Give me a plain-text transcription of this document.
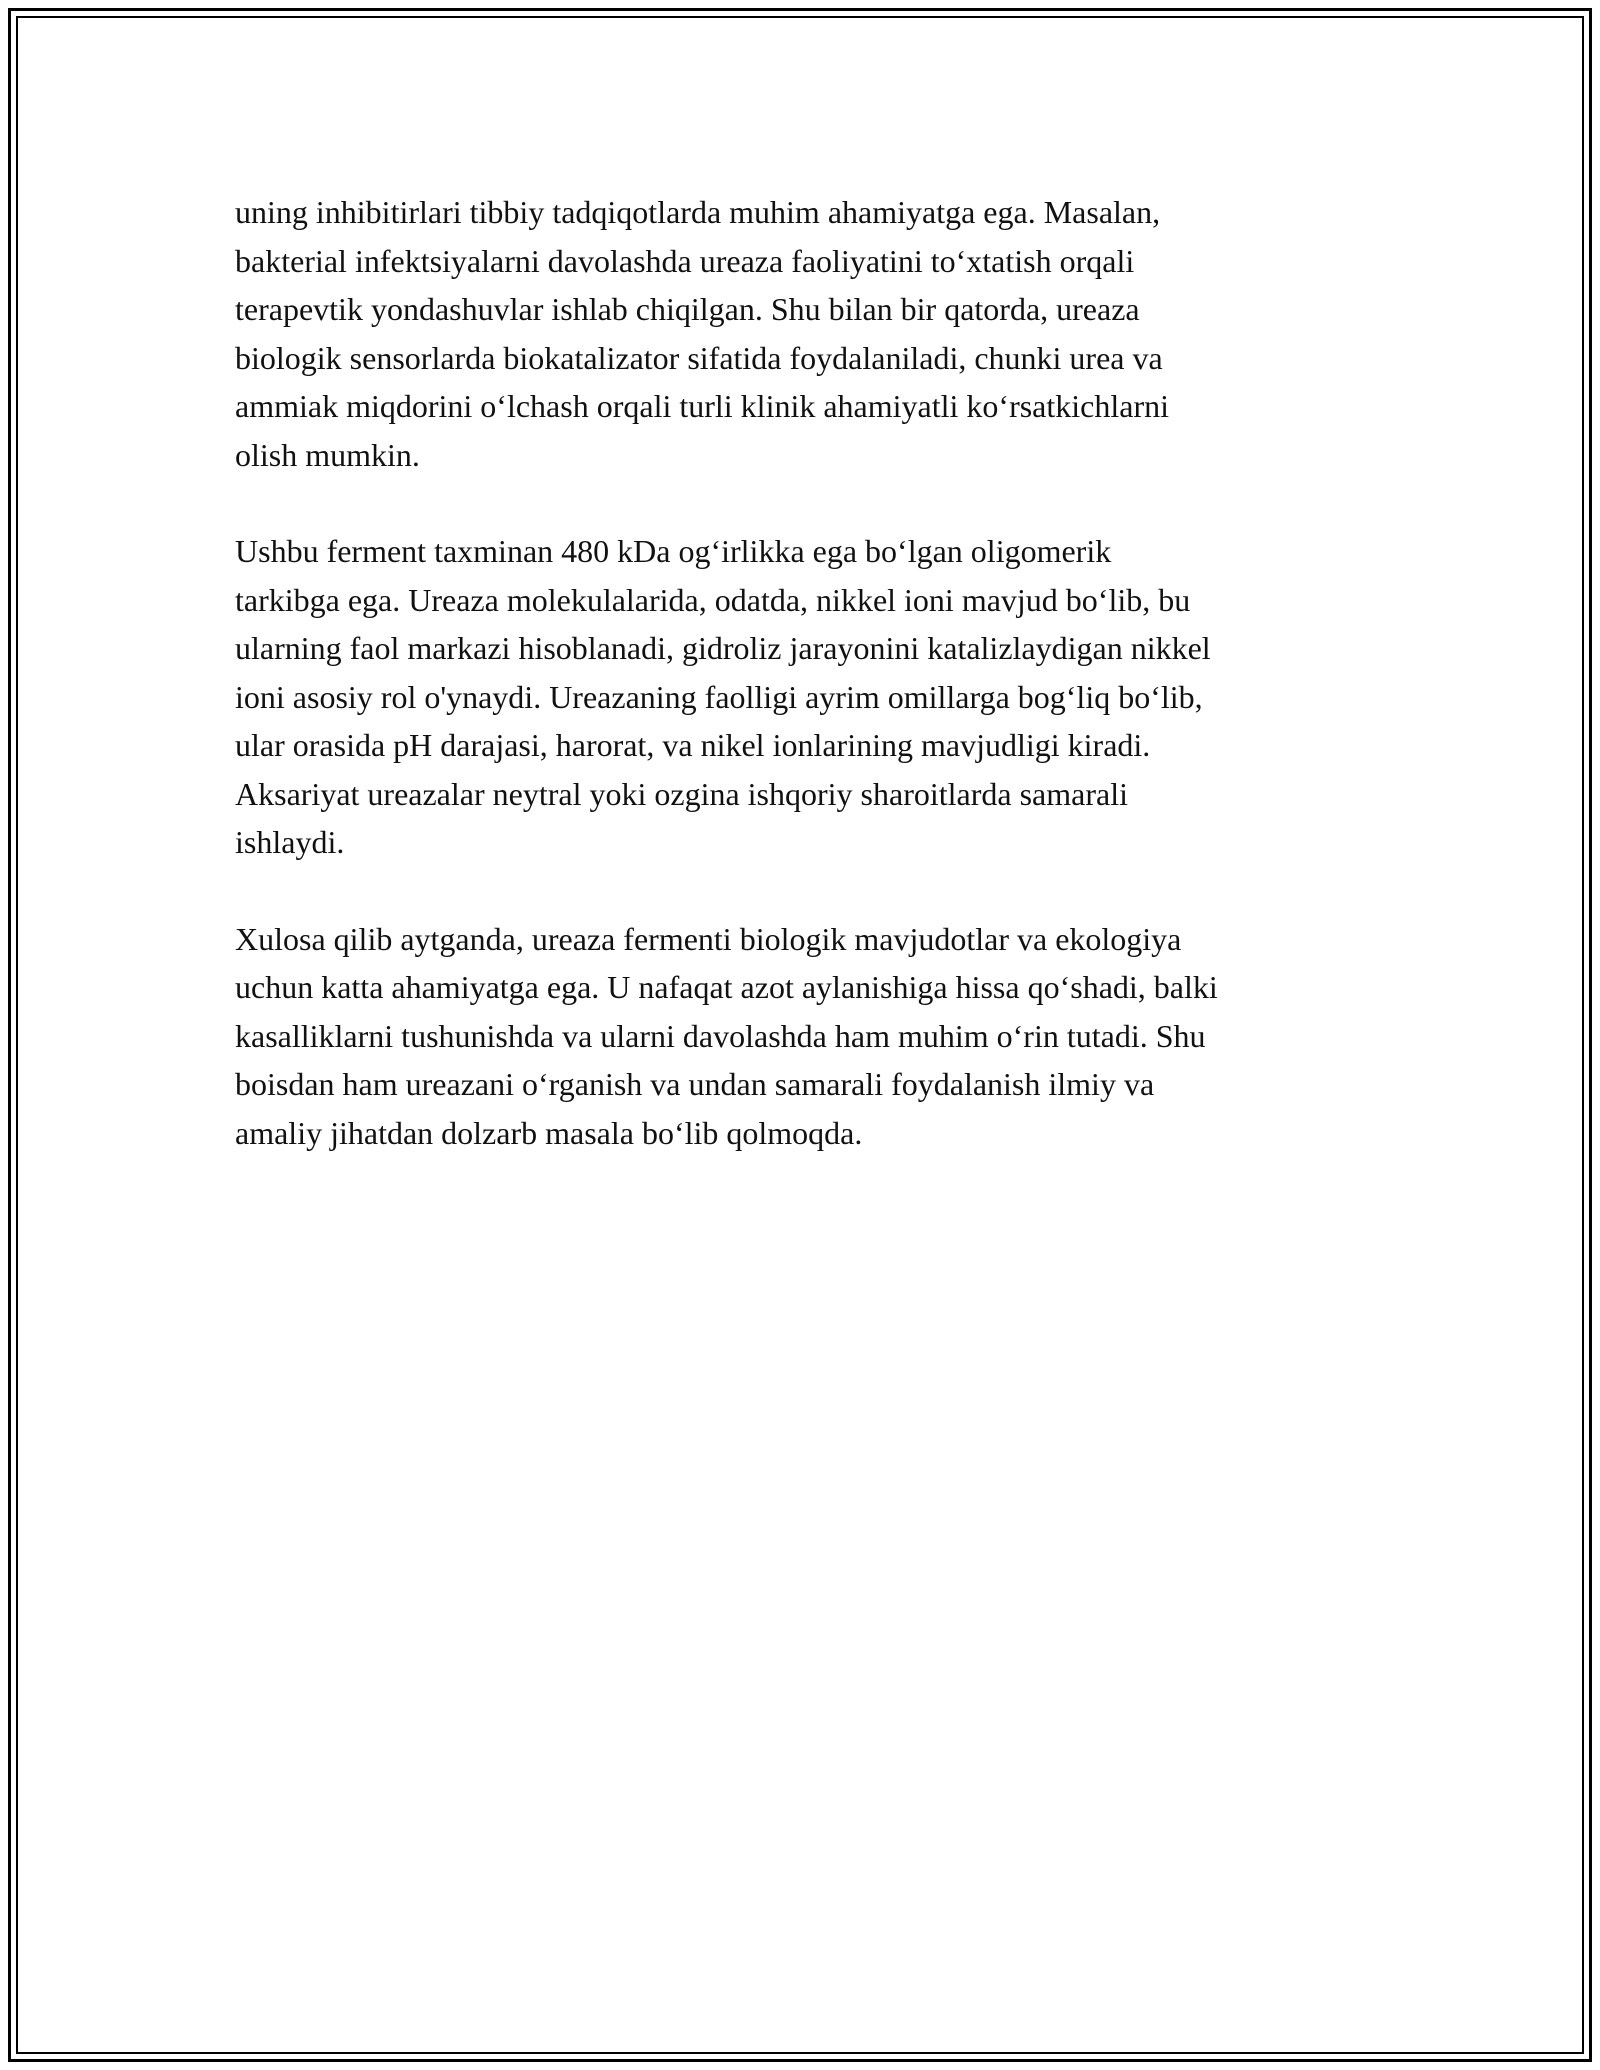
uning inhibitirlari tibbiy tadqiqotlarda muhim ahamiyatga ega. Masalan,
bakterial infektsiyalarni davolashda ureaza faoliyatini to‘xtatish orqali
terapevtik yondashuvlar ishlab chiqilgan. Shu bilan bir qatorda, ureaza
biologik sensorlarda biokatalizator sifatida foydalaniladi, chunki urea va
ammiak miqdorini o‘lchash orqali turli klinik ahamiyatli ko‘rsatkichlarni
olish mumkin.

Ushbu ferment taxminan 480 kDa og‘irlikka ega bo‘lgan oligomerik
tarkibga ega. Ureaza molekulalarida, odatda, nikkel ioni mavjud bo‘lib, bu
ularning faol markazi hisoblanadi, gidroliz jarayonini katalizlaydigan nikkel
ioni asosiy rol o'ynaydi. Ureazaning faolligi ayrim omillarga bog‘liq bo‘lib,
ular orasida pH darajasi, harorat, va nikel ionlarining mavjudligi kiradi.
Aksariyat ureazalar neytral yoki ozgina ishqoriy sharoitlarda samarali
ishlaydi.

Xulosa qilib aytganda, ureaza fermenti biologik mavjudotlar va ekologiya
uchun katta ahamiyatga ega. U nafaqat azot aylanishiga hissa qo‘shadi, balki
kasalliklarni tushunishda va ularni davolashda ham muhim o‘rin tutadi. Shu
boisdan ham ureazani o‘rganish va undan samarali foydalanish ilmiy va
amaliy jihatdan dolzarb masala bo‘lib qolmoqda.
